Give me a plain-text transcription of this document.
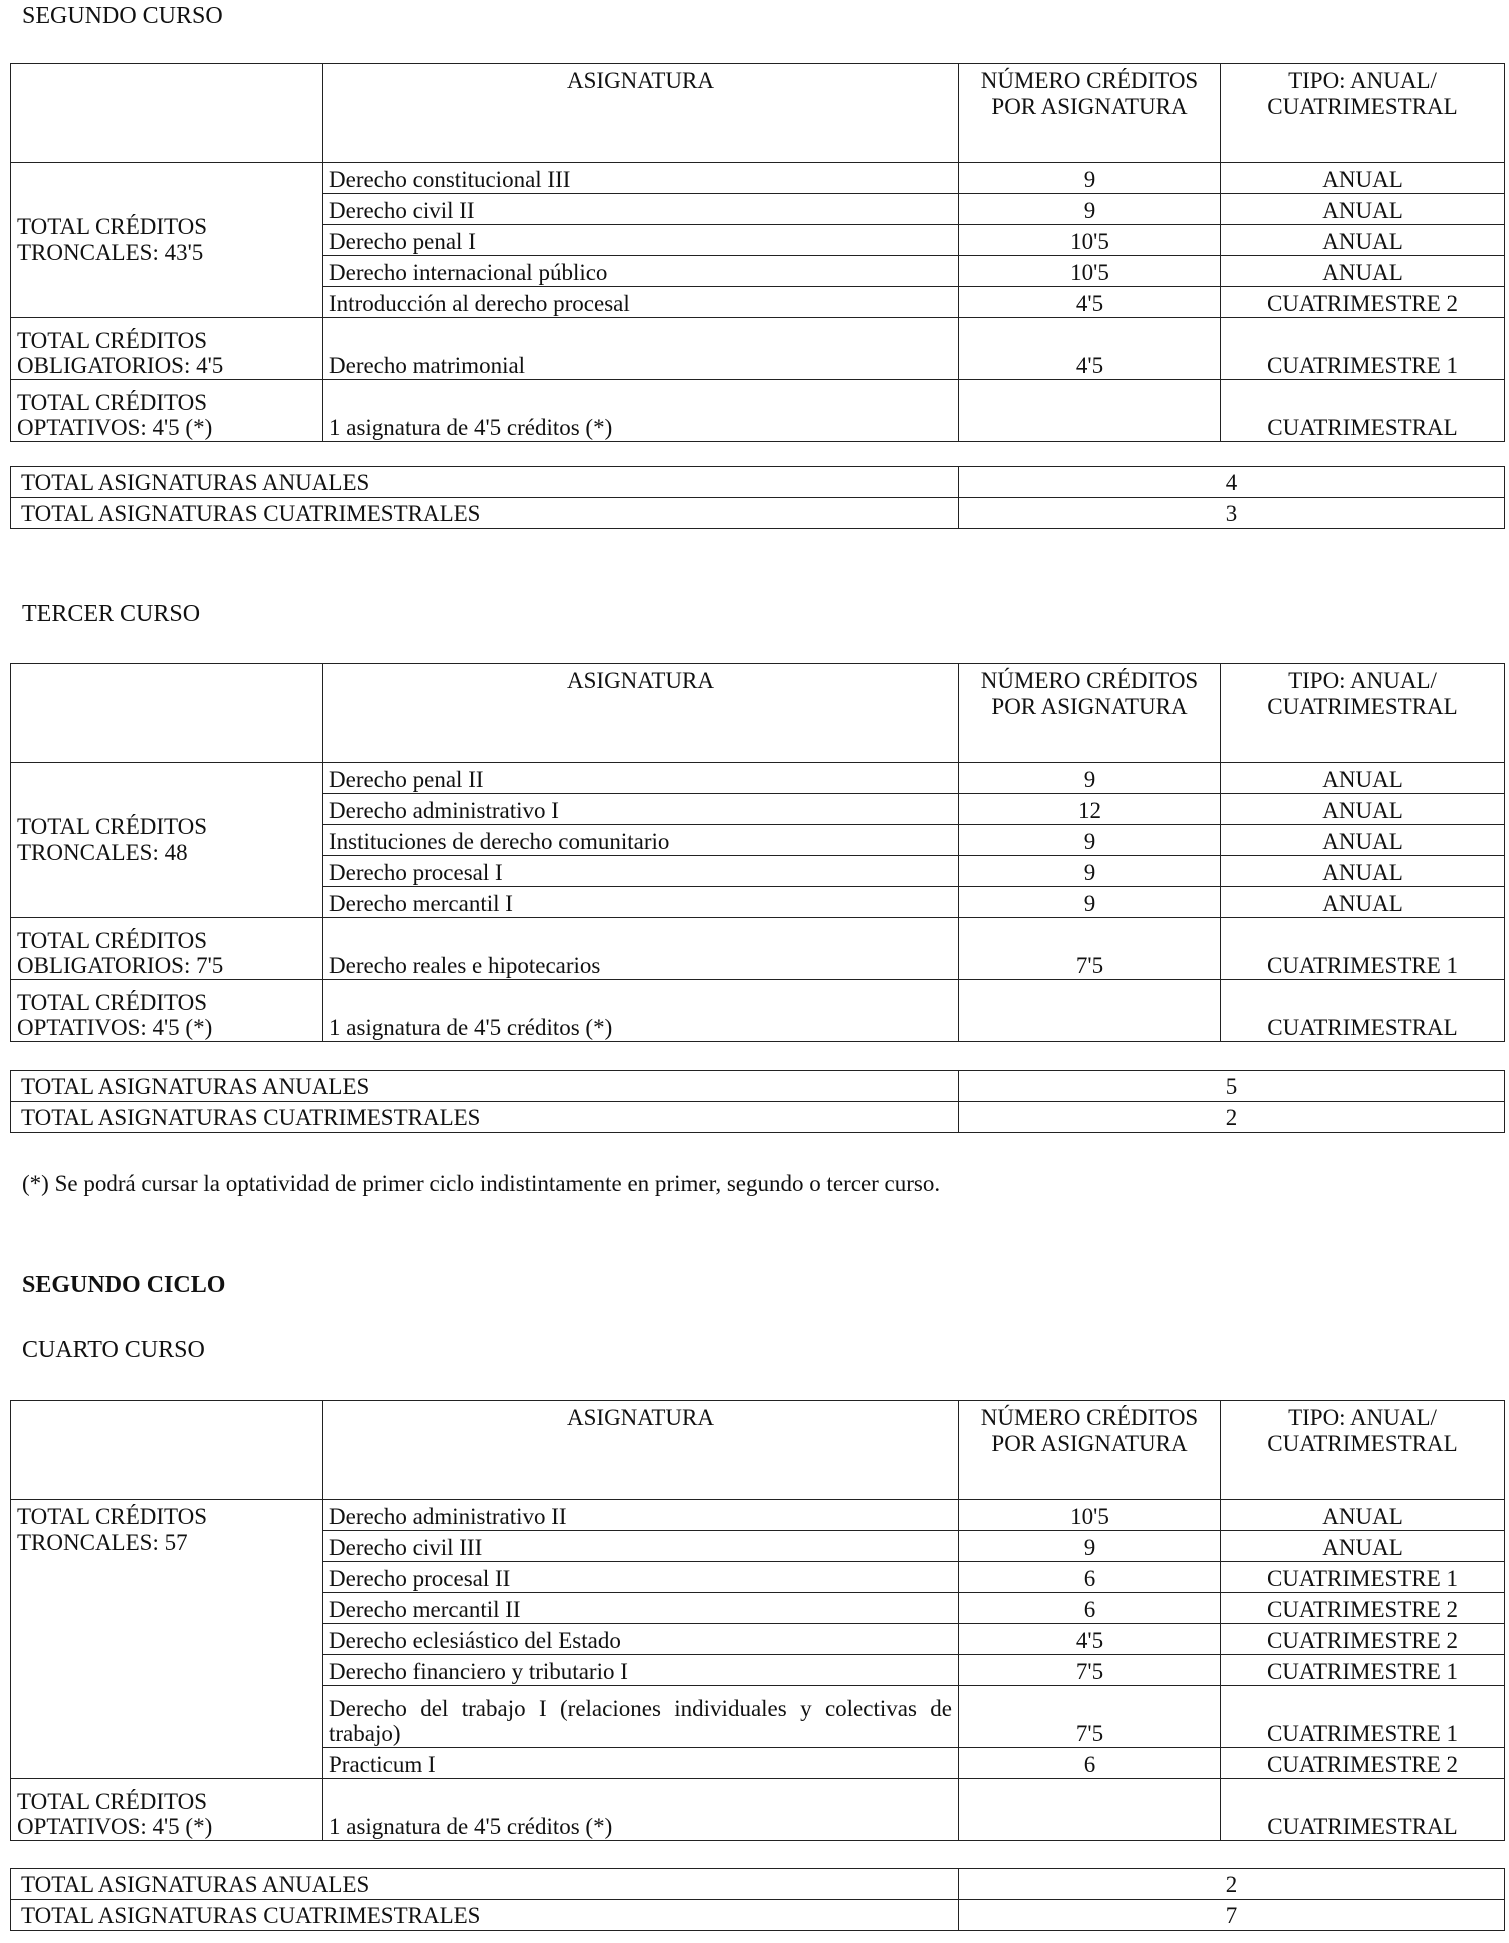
SEGUNDO CURSO
	ASIGNATURA	NÚMERO CRÉDITOS POR ASIGNATURA	TIPO: ANUAL/ CUATRIMESTRAL
TOTAL CRÉDITOS TRONCALES: 43'5	Derecho constitucional III	9	ANUAL
	Derecho civil II	9	ANUAL
	Derecho penal I	10'5	ANUAL
	Derecho internacional público	10'5	ANUAL
	Introducción al derecho procesal	4'5	CUATRIMESTRE 2
TOTAL CRÉDITOS OBLIGATORIOS: 4'5	Derecho matrimonial	4'5	CUATRIMESTRE 1
TOTAL CRÉDITOS OPTATIVOS: 4'5 (*)	1 asignatura de 4'5 créditos (*)		CUATRIMESTRAL
TOTAL ASIGNATURAS ANUALES	4
TOTAL ASIGNATURAS CUATRIMESTRALES	3
TERCER CURSO
	ASIGNATURA	NÚMERO CRÉDITOS POR ASIGNATURA	TIPO: ANUAL/ CUATRIMESTRAL
TOTAL CRÉDITOS TRONCALES: 48	Derecho penal II	9	ANUAL
	Derecho administrativo I	12	ANUAL
	Instituciones de derecho comunitario	9	ANUAL
	Derecho procesal I	9	ANUAL
	Derecho mercantil I	9	ANUAL
TOTAL CRÉDITOS OBLIGATORIOS: 7'5	Derecho reales e hipotecarios	7'5	CUATRIMESTRE 1
TOTAL CRÉDITOS OPTATIVOS: 4'5 (*)	1 asignatura de 4'5 créditos (*)		CUATRIMESTRAL
TOTAL ASIGNATURAS ANUALES	5
TOTAL ASIGNATURAS CUATRIMESTRALES	2

(*) Se podrá cursar la optatividad de primer ciclo indistintamente en primer, segundo o tercer curso.

SEGUNDO CICLO
CUARTO CURSO
	ASIGNATURA	NÚMERO CRÉDITOS POR ASIGNATURA	TIPO: ANUAL/ CUATRIMESTRAL
TOTAL CRÉDITOS TRONCALES: 57	Derecho administrativo II	10'5	ANUAL
	Derecho civil III	9	ANUAL
	Derecho procesal II	6	CUATRIMESTRE 1
	Derecho mercantil II	6	CUATRIMESTRE 2
	Derecho eclesiástico del Estado	4'5	CUATRIMESTRE 2
	Derecho financiero y tributario I	7'5	CUATRIMESTRE 1
	Derecho del trabajo I (relaciones individuales y colectivas de trabajo)	7'5	CUATRIMESTRE 1
	Practicum I	6	CUATRIMESTRE 2
TOTAL CRÉDITOS OPTATIVOS: 4'5 (*)	1 asignatura de 4'5 créditos (*)		CUATRIMESTRAL
TOTAL ASIGNATURAS ANUALES	2
TOTAL ASIGNATURAS CUATRIMESTRALES	7
